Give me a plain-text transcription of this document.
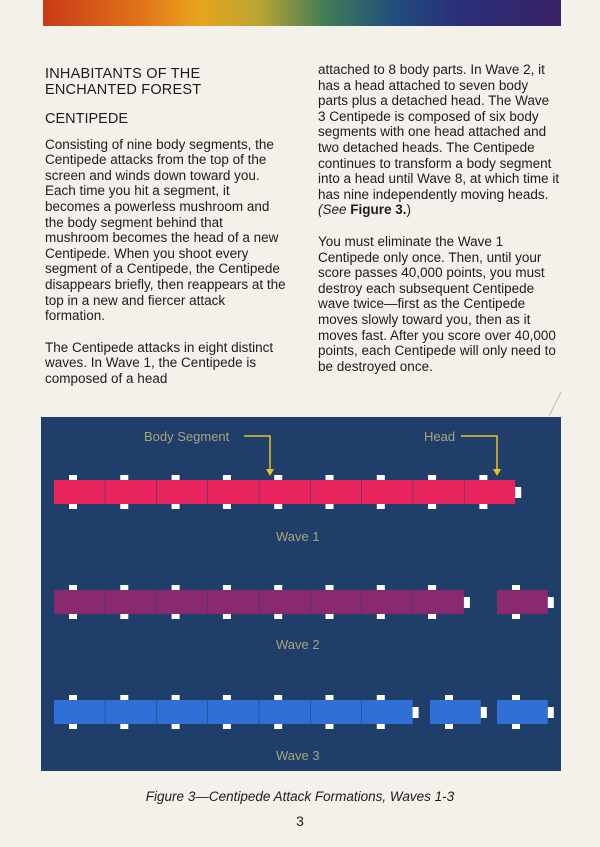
INHABITANTS OF THE ENCHANTED FOREST
CENTIPEDE

Consisting of nine body segments, the Centipede attacks from the top of the screen and winds down toward you. Each time you hit a segment, it becomes a powerless mushroom and the body segment behind that mushroom becomes the head of a new Centipede. When you shoot every segment of a Centipede, the Centipede disappears briefly, then reappears at the top in a new and fiercer attack formation.

The Centipede attacks in eight distinct waves. In Wave 1, the Centipede is composed of a head

attached to 8 body parts. In Wave 2, it has a head attached to seven body parts plus a detached head. The Wave 3 Centipede is composed of six body segments with one head attached and two detached heads. The Centipede continues to transform a body segment into a head until Wave 8, at which time it has nine independently moving heads. (See Figure 3.)

You must eliminate the Wave 1 Centipede only once. Then, until your score passes 40,000 points, you must destroy each subsequent Centipede wave twice—first as the Centipede moves slowly toward you, then as it moves fast. After you score over 40,000 points, each Centipede will only need to be destroyed once.

Body Segment	Head
Wave 1
Wave 2
Wave 3
Figure 3—Centipede Attack Formations, Waves 1-3
3
